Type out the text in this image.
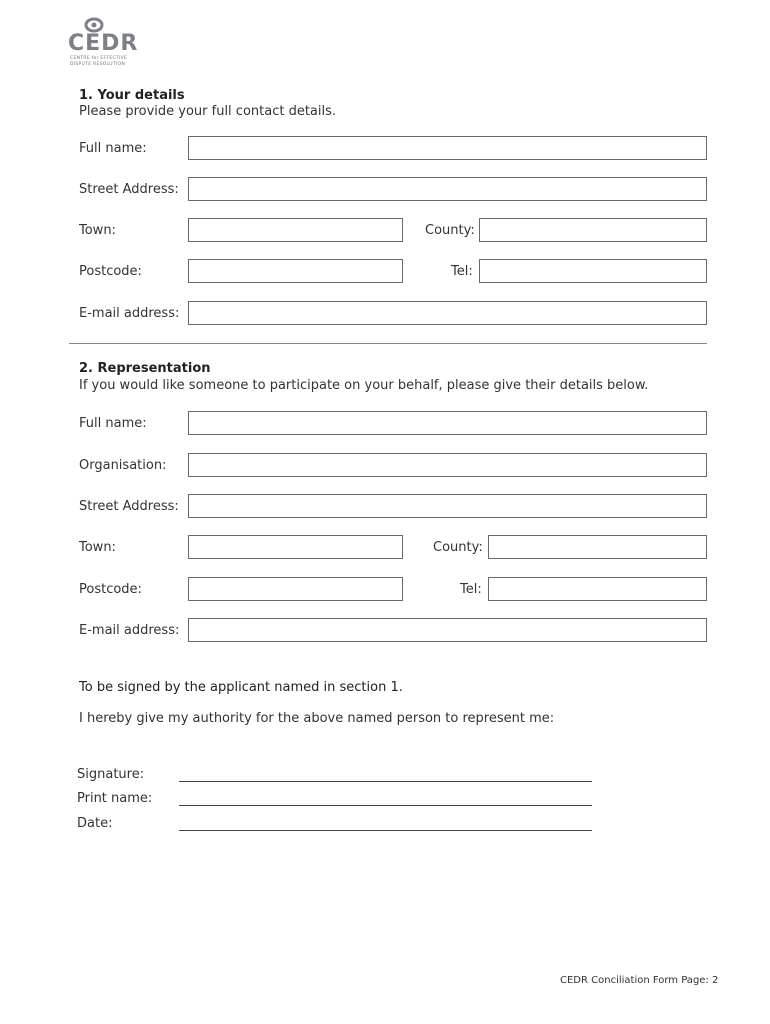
CEDR
CENTRE for EFFECTIVE
DISPUTE RESOLUTION
1. Your details
Please provide your full contact details.
Full name:
Street Address:
Town:	County:
Postcode:	Tel:
E-mail address:
2. Representation
If you would like someone to participate on your behalf, please give their details below.
Full name:
Organisation:
Street Address:
Town:	County:
Postcode:	Tel:
E-mail address:
To be signed by the applicant named in section 1.
I hereby give my authority for the above named person to represent me:
Signature:
Print name:
Date:
CEDR Conciliation Form Page: 2
